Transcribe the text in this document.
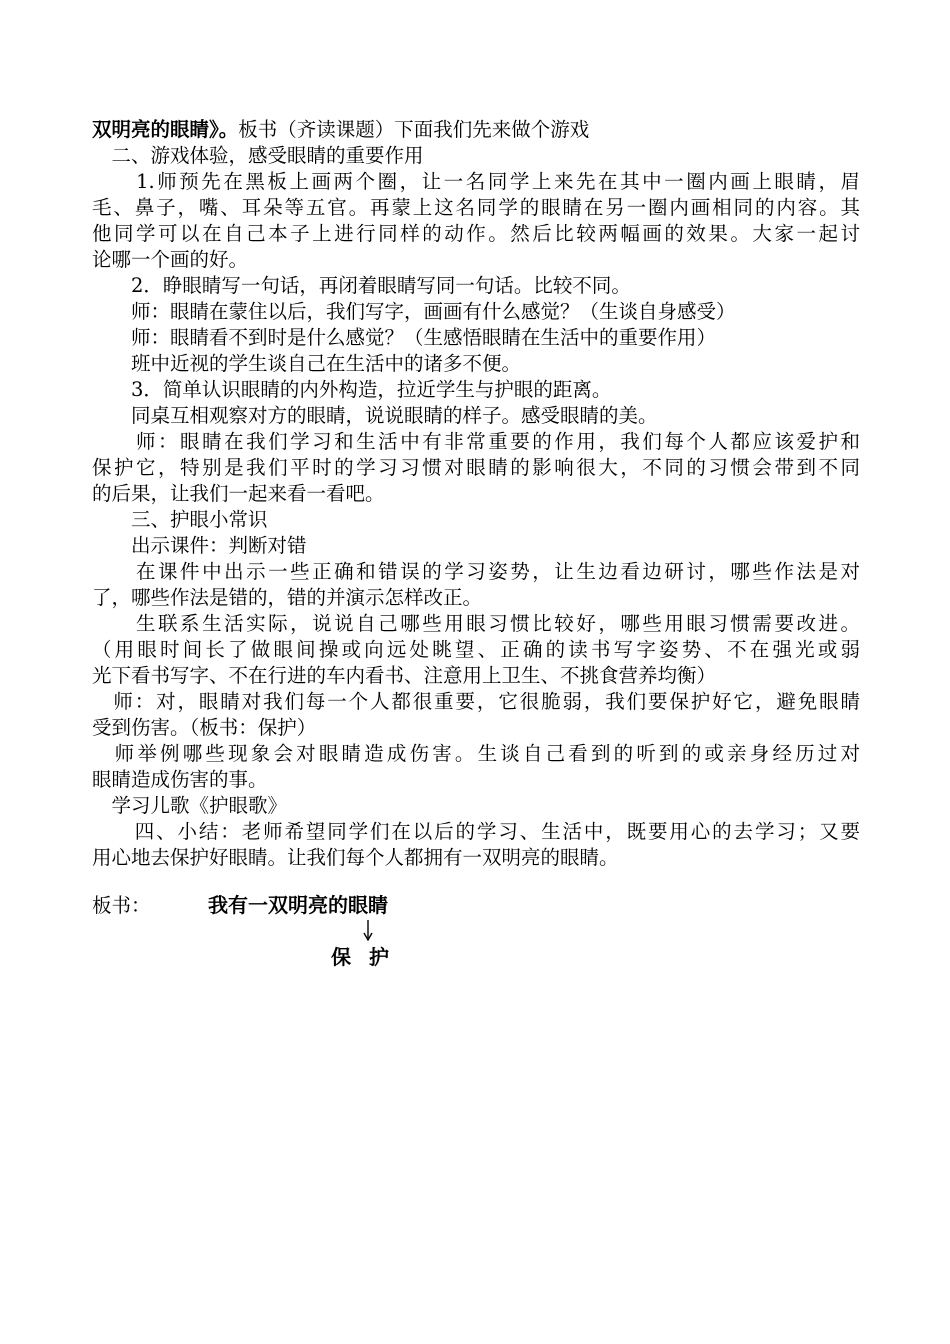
双明亮的眼睛》。板书（齐读课题）下面我们先来做个游戏
　二、游戏体验，感受眼睛的重要作用
　　1.师预先在黑板上画两个圈，让一名同学上来先在其中一圈内画上眼睛，眉
毛、鼻子，嘴、耳朵等五官。再蒙上这名同学的眼睛在另一圈内画相同的内容。其
他同学可以在自己本子上进行同样的动作。然后比较两幅画的效果。大家一起讨
论哪一个画的好。
　　2．睁眼睛写一句话，再闭着眼睛写同一句话。比较不同。
　　师：眼睛在蒙住以后，我们写字，画画有什么感觉？（生谈自身感受）
　　师：眼睛看不到时是什么感觉？（生感悟眼睛在生活中的重要作用）
　　班中近视的学生谈自己在生活中的诸多不便。
　　3．简单认识眼睛的内外构造，拉近学生与护眼的距离。
　　同桌互相观察对方的眼睛，说说眼睛的样子。感受眼睛的美。
　　师：眼睛在我们学习和生活中有非常重要的作用，我们每个人都应该爱护和
保护它，特别是我们平时的学习习惯对眼睛的影响很大，不同的习惯会带到不同
的后果，让我们一起来看一看吧。
　　三、护眼小常识
　　出示课件：判断对错
　　在课件中出示一些正确和错误的学习姿势，让生边看边研讨，哪些作法是对
了，哪些作法是错的，错的并演示怎样改正。
　　生联系生活实际，说说自己哪些用眼习惯比较好，哪些用眼习惯需要改进。
（用眼时间长了做眼间操或向远处眺望、正确的读书写字姿势、不在强光或弱
光下看书写字、不在行进的车内看书、注意用上卫生、不挑食营养均衡）
　师：对，眼睛对我们每一个人都很重要，它很脆弱，我们要保护好它，避免眼睛
受到伤害。（板书：保护）
　师举例哪些现象会对眼睛造成伤害。生谈自己看到的听到的或亲身经历过对
眼睛造成伤害的事。
　学习儿歌《护眼歌》
　　四、小结：老师希望同学们在以后的学习、生活中，既要用心的去学习；又要
用心地去保护好眼睛。让我们每个人都拥有一双明亮的眼睛。
板书：	我有一双明亮的眼睛
保护
